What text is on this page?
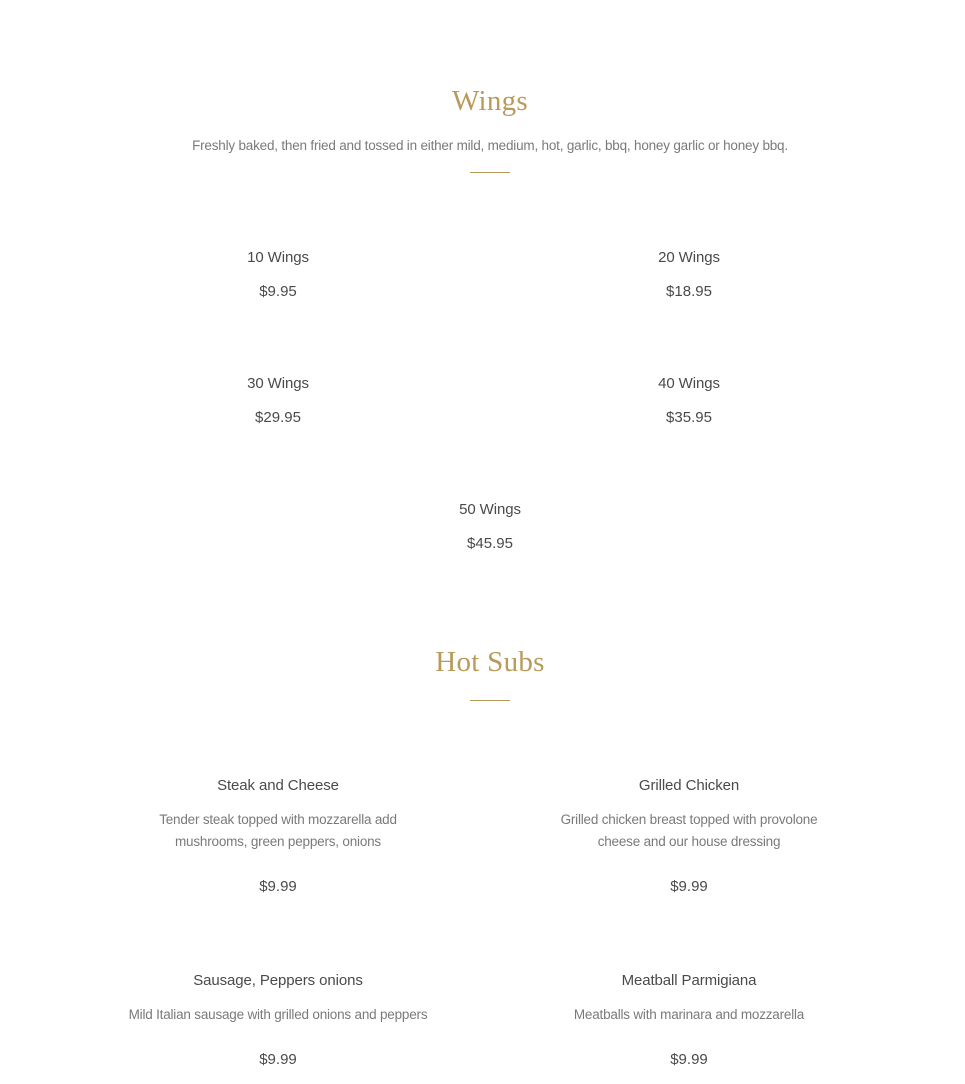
Wings
Freshly baked, then fried and tossed in either mild, medium, hot, garlic, bbq, honey garlic or honey bbq.
10 Wings
$9.95
20 Wings
$18.95
30 Wings
$29.95
40 Wings
$35.95
50 Wings
$45.95
Hot Subs
Steak and Cheese
Tender steak topped with mozzarella add mushrooms, green peppers, onions
$9.99
Grilled Chicken
Grilled chicken breast topped with provolone cheese and our house dressing
$9.99
Sausage, Peppers onions
Mild Italian sausage with grilled onions and peppers
$9.99
Meatball Parmigiana
Meatballs with marinara and mozzarella
$9.99
